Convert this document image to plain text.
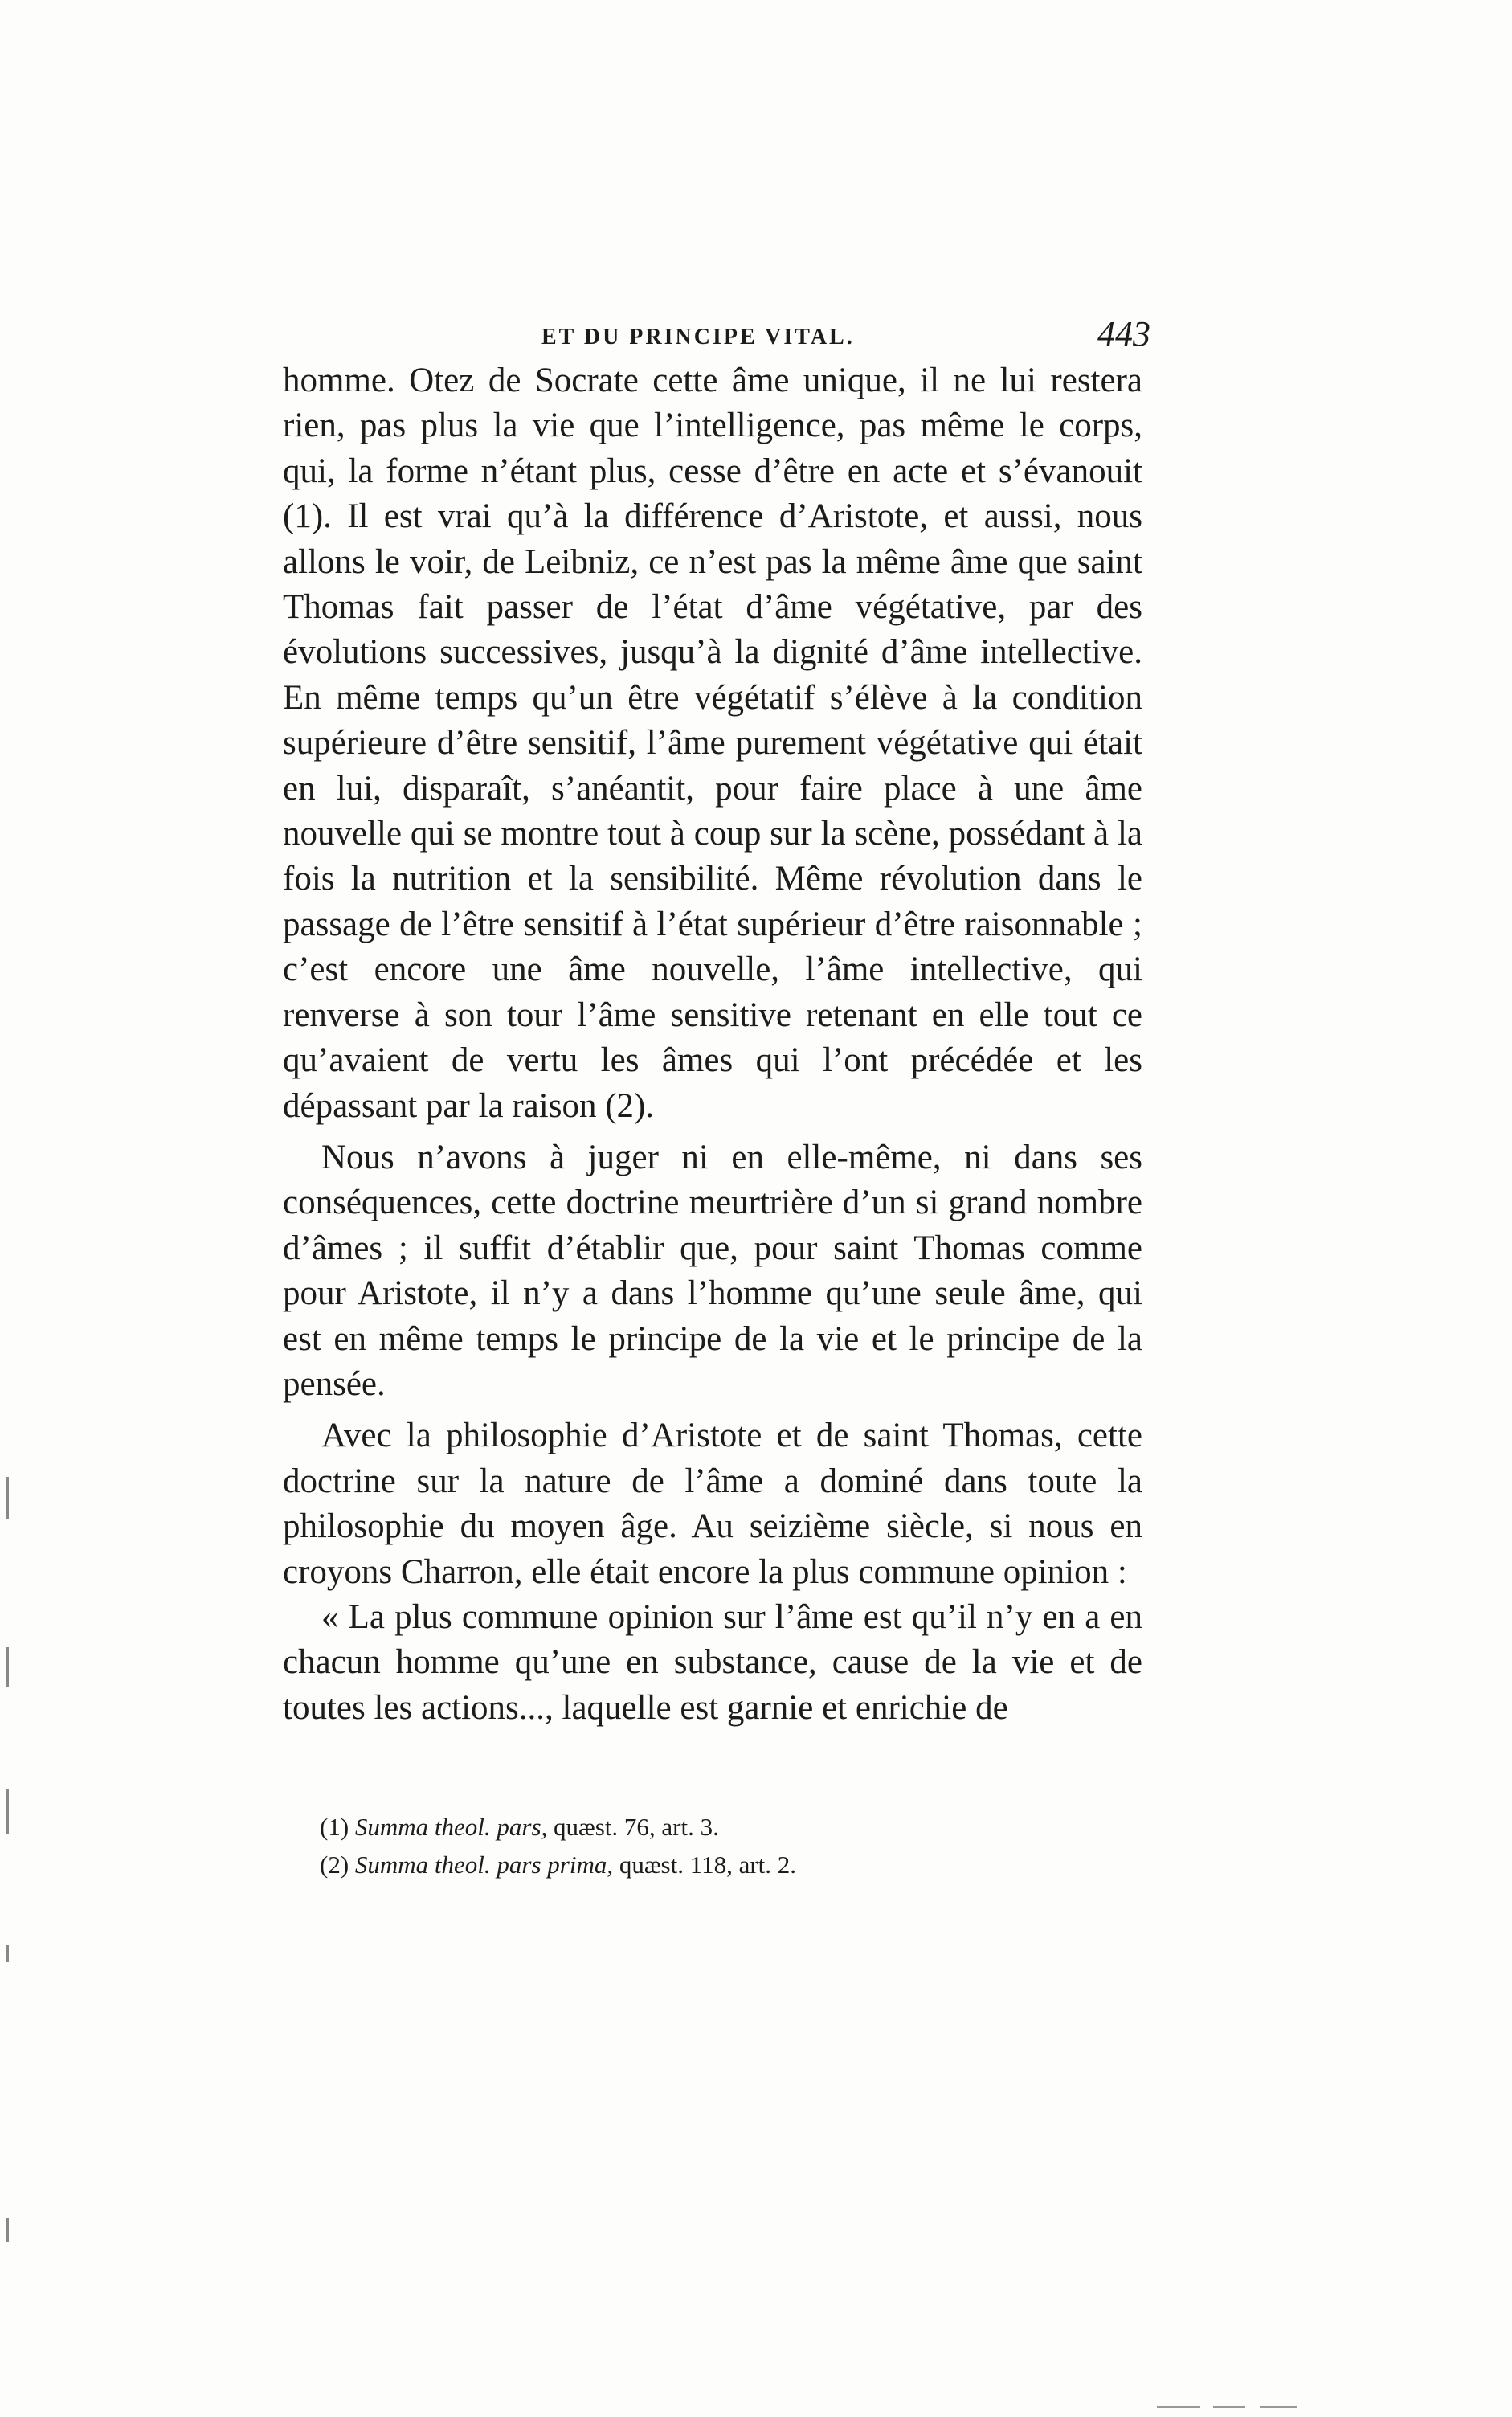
ET DU PRINCIPE VITAL.	443

homme. Otez de Socrate cette âme unique, il ne lui restera rien, pas plus la vie que l’intelligence, pas même le corps, qui, la forme n’étant plus, cesse d’être en acte et s’évanouit (1). Il est vrai qu’à la différence d’Aristote, et aussi, nous allons le voir, de Leibniz, ce n’est pas la même âme que saint Thomas fait passer de l’état d’âme végétative, par des évolutions successives, jusqu’à la dignité d’âme intellective. En même temps qu’un être végétatif s’élève à la condition supérieure d’être sensitif, l’âme purement végétative qui était en lui, disparaît, s’anéantit, pour faire place à une âme nouvelle qui se montre tout à coup sur la scène, possédant à la fois la nutrition et la sensibilité. Même révolution dans le passage de l’être sensitif à l’état supérieur d’être raisonnable ; c’est encore une âme nouvelle, l’âme intellective, qui renverse à son tour l’âme sensitive retenant en elle tout ce qu’avaient de vertu les âmes qui l’ont précédée et les dépassant par la raison (2).

Nous n’avons à juger ni en elle-même, ni dans ses conséquences, cette doctrine meurtrière d’un si grand nombre d’âmes ; il suffit d’établir que, pour saint Thomas comme pour Aristote, il n’y a dans l’homme qu’une seule âme, qui est en même temps le principe de la vie et le principe de la pensée.

Avec la philosophie d’Aristote et de saint Thomas, cette doctrine sur la nature de l’âme a dominé dans toute la philosophie du moyen âge. Au seizième siècle, si nous en croyons Charron, elle était encore la plus commune opinion :

« La plus commune opinion sur l’âme est qu’il n’y en a en chacun homme qu’une en substance, cause de la vie et de toutes les actions..., laquelle est garnie et enrichie de

(1) Summa theol. pars, quæst. 76, art. 3.

(2) Summa theol. pars prima, quæst. 118, art. 2.
